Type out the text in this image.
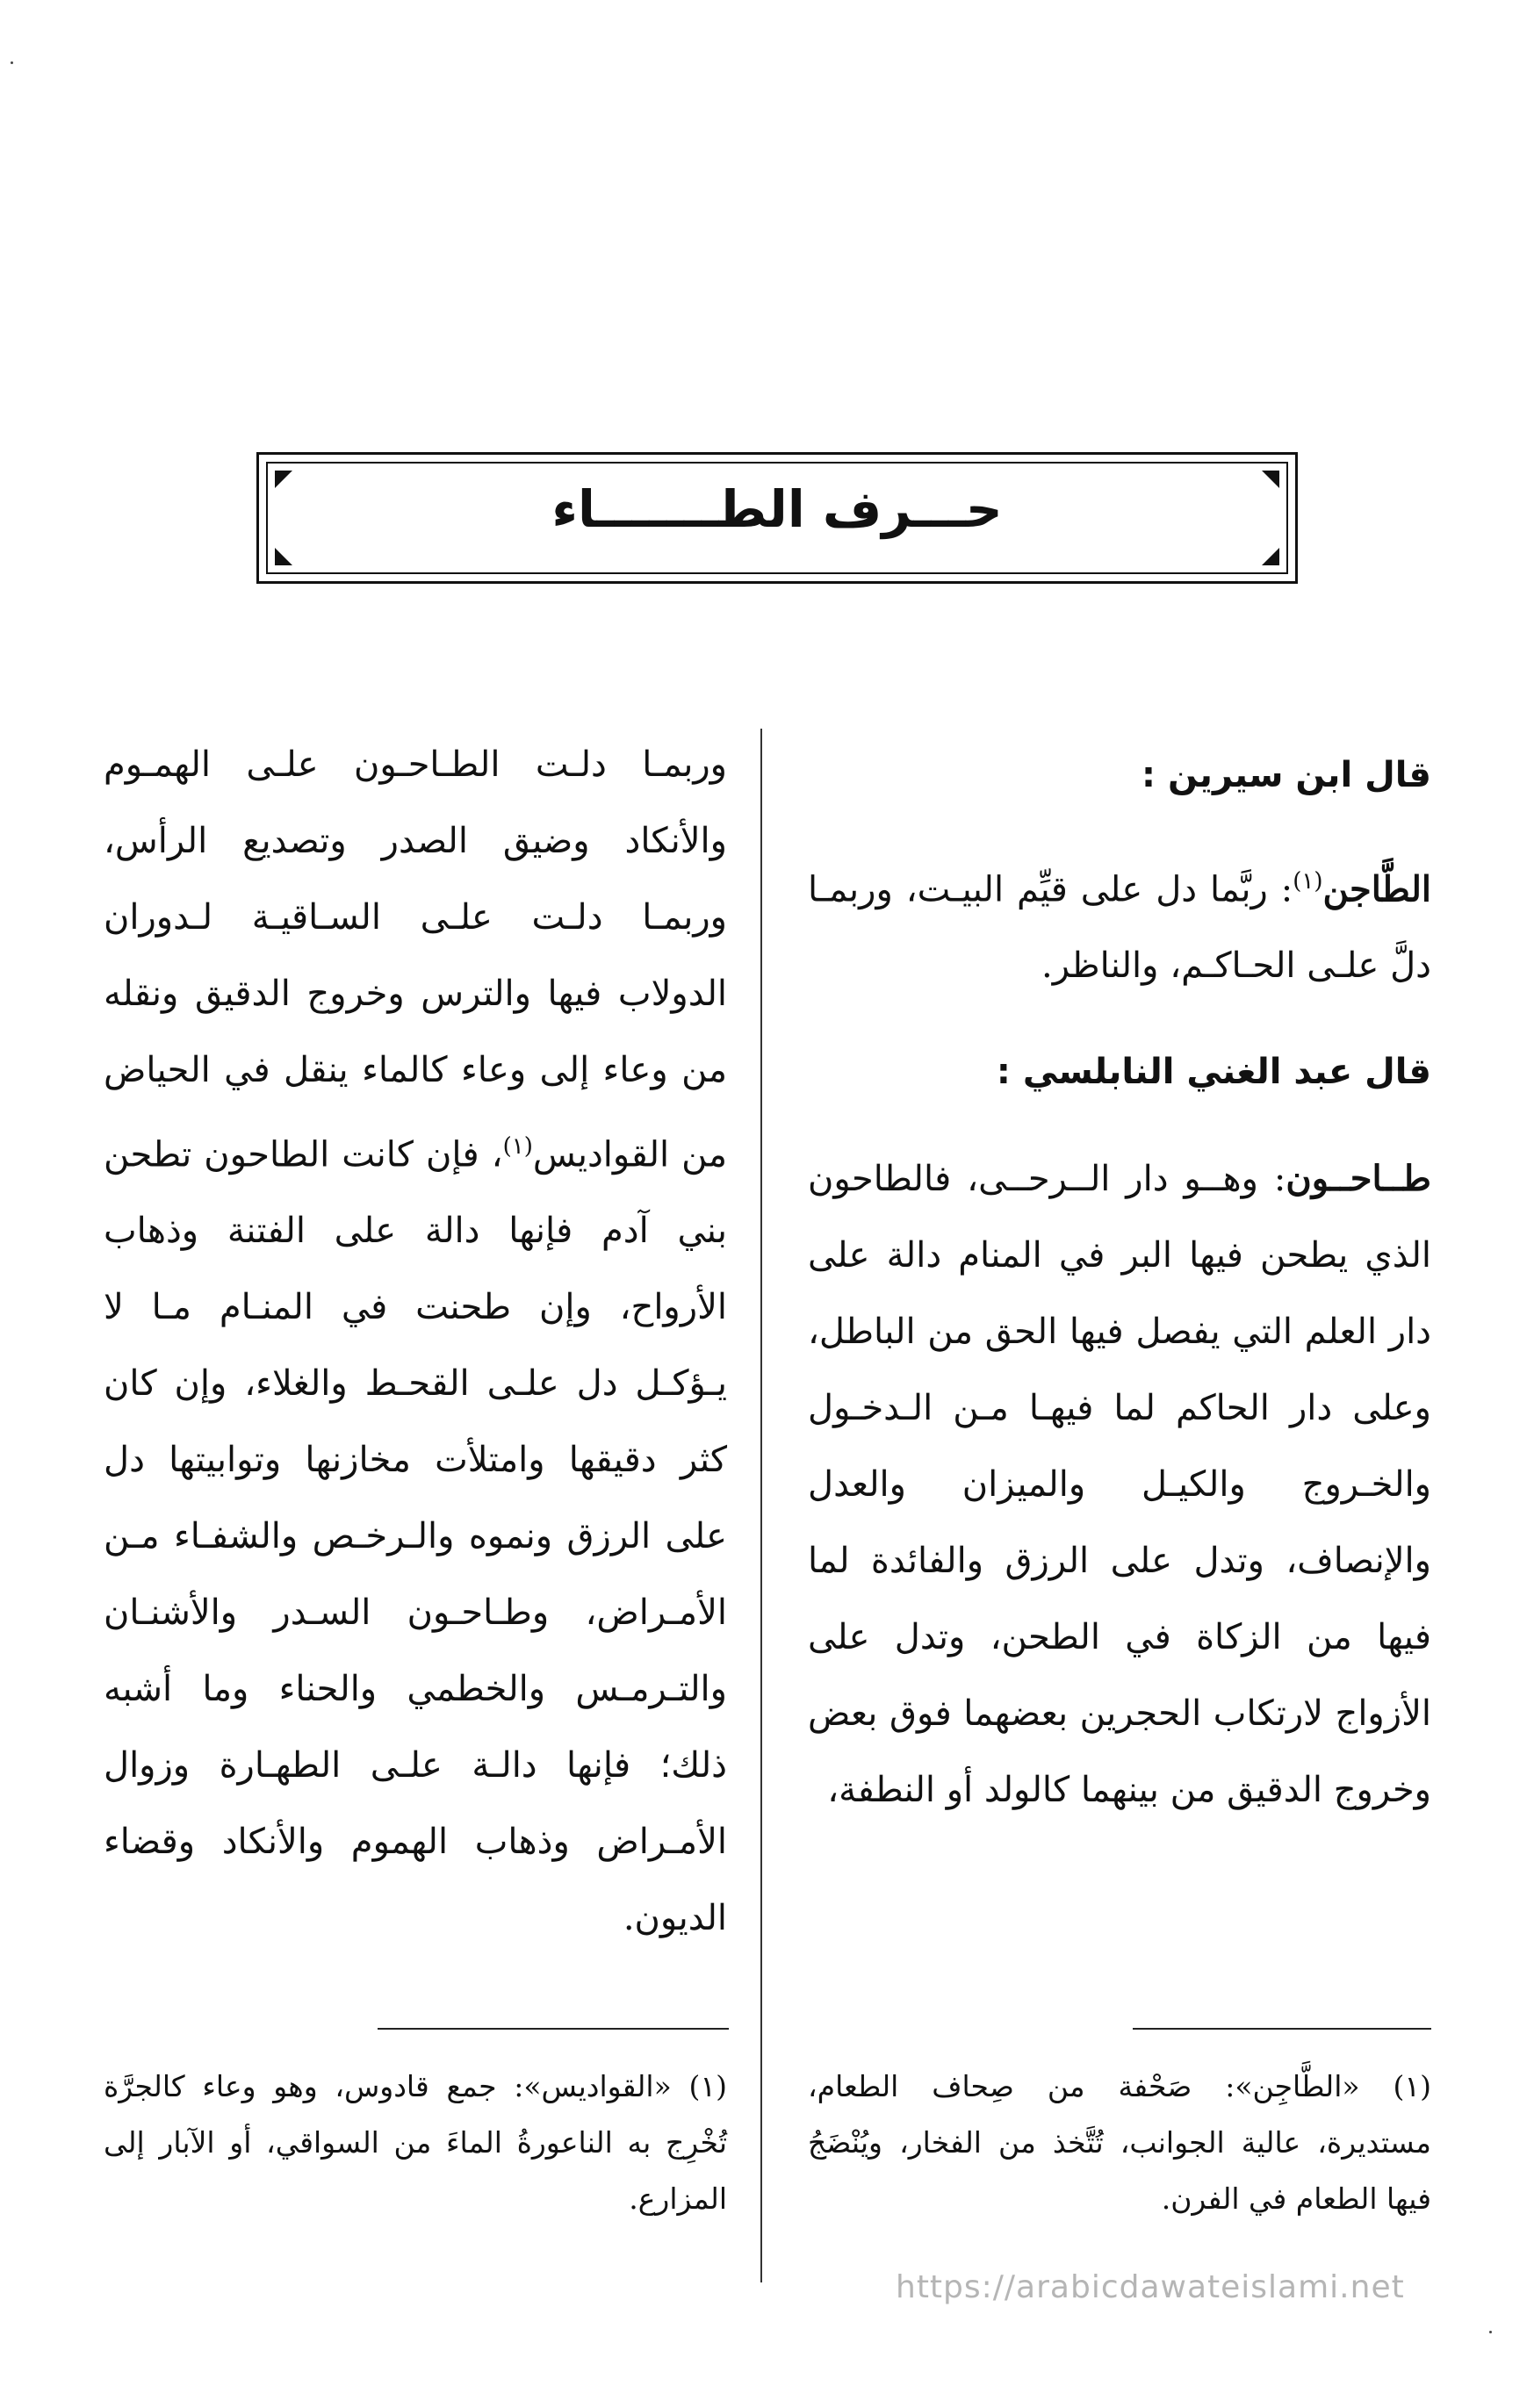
حـــرف الطـــــــاء

قال ابن سيرين :

الطَّاجن$^{(١)}$: ربَّما دل على قيِّم البيـت، وربمـا دلَّ علـى الحـاكـم، والناظر.

قال عبد الغني النابلسي :

طــاحــون: وهــو دار الــرحــى، فالطاحون الذي يطحن فيها البر في المنام دالة على دار العلم التي يفصل فيها الحق من الباطل، وعلى دار الحاكم لما فيهـا مـن الـدخـول والخـروج والكيـل والميزان والعدل والإنصاف، وتدل على الرزق والفائدة لما فيها من الزكاة في الطحن، وتدل على الأزواج لارتكاب الحجرين بعضهما فوق بعض وخروج الدقيق من بينهما كالولد أو النطفة،

وربمـا دلـت الطـاحـون علـى الهمـوم والأنكاد وضيق الصدر وتصديع الرأس، وربمـا دلـت علـى السـاقيـة لـدوران الدولاب فيها والترس وخروج الدقيق ونقله من وعاء إلى وعاء كالماء ينقل في الحياض من القواديس$^{(١)}$، فإن كانت الطاحون تطحن بني آدم فإنها دالة على الفتنة وذهاب الأرواح، وإن طحنت في المنـام مـا لا يـؤكـل دل علـى القحـط والغلاء، وإن كان كثر دقيقها وامتلأت مخازنها وتوابيتها دل على الرزق ونموه والـرخـص والشفـاء مـن الأمـراض، وطـاحـون السـدر والأشنـان والتـرمـس والخطمي والحناء وما أشبه ذلك؛ فإنها دالـة علـى الطهـارة وزوال الأمـراض وذهاب الهموم والأنكاد وقضاء الديون.

(١) «الطَّاجِن»: صَحْفة من صِحاف الطعام، مستديرة، عالية الجوانب، تُتَّخذ من الفخار، ويُنْضَجُ فيها الطعام في الفرن.

(١) «القواديس»: جمع قادوس، وهو وعاء كالجرَّة تُخْرِج به الناعورةُ الماءَ من السواقي، أو الآبار إلى المزارع.

https://arabicdawateislami.net
